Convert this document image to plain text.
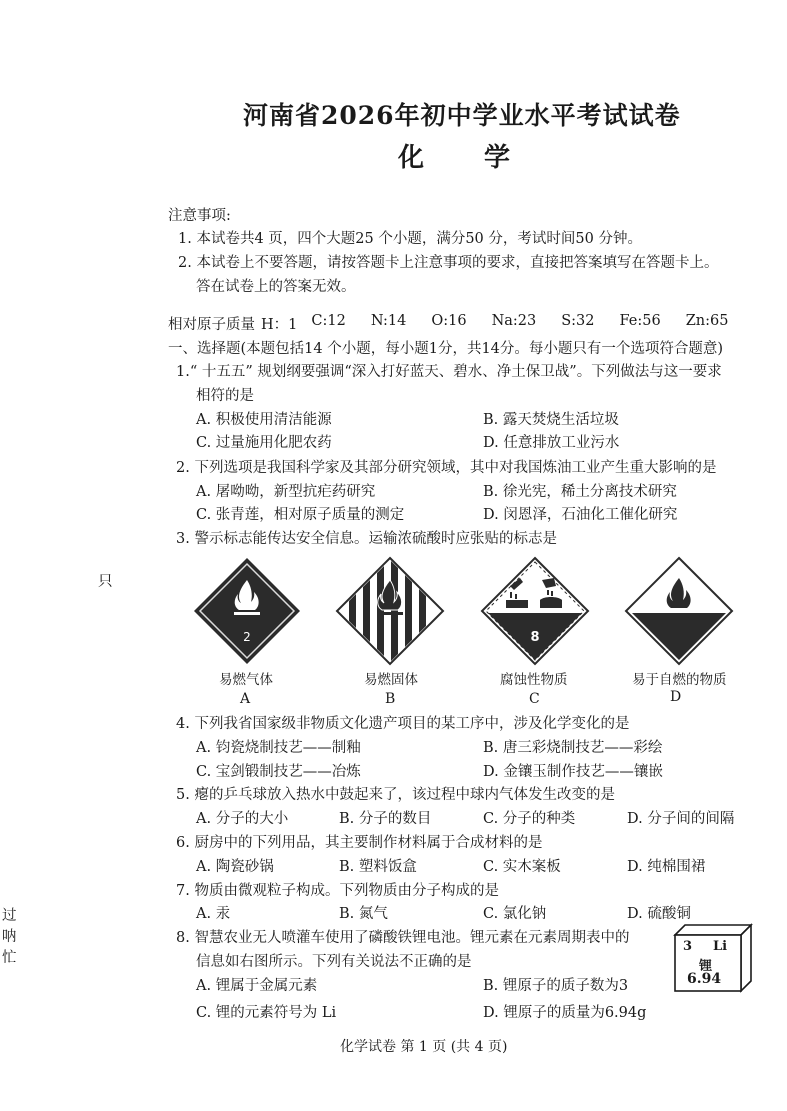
河南省2026年初中学业水平考试试卷
化学
注意事项:
1. 本试卷共4 页，四个大题25 个小题，满分50 分，考试时间50 分钟。
2. 本试卷上不要答题，请按答题卡上注意事项的要求，直接把答案填写在答题卡上。
答在试卷上的答案无效。
相对原子质量 H：1 C:12 N:14 O:16 Na:23 S:32 Fe:56 Zn:65
一、选择题(本题包括14 个小题，每小题1分，共14分。每小题只有一个选项符合题意)
1.“ 十五五” 规划纲要强调“深入打好蓝天、碧水、净土保卫战”。下列做法与这一要求
相符的是
A. 积极使用清洁能源	B. 露天焚烧生活垃圾
C. 过量施用化肥农药	D. 任意排放工业污水
2. 下列选项是我国科学家及其部分研究领域，其中对我国炼油工业产生重大影响的是
A. 屠呦呦，新型抗疟药研究	B. 徐光宪，稀土分离技术研究
C. 张青莲，相对原子质量的测定	D. 闵恩泽，石油化工催化研究
3. 警示标志能传达安全信息。运输浓硫酸时应张贴的标志是
2
易燃气体
A
易燃固体
B
8
腐蚀性物质
C
易于自燃的物质
D
4. 下列我省国家级非物质文化遗产项目的某工序中，涉及化学变化的是
A. 钧瓷烧制技艺——制釉	B. 唐三彩烧制技艺——彩绘
C. 宝剑锻制技艺——冶炼	D. 金镶玉制作技艺——镶嵌
5. 瘪的乒乓球放入热水中鼓起来了，该过程中球内气体发生改变的是
A. 分子的大小	B. 分子的数目	C. 分子的种类	D. 分子间的间隔
6. 厨房中的下列用品，其主要制作材料属于合成材料的是
A. 陶瓷砂锅	B. 塑料饭盒	C. 实木案板	D. 纯棉围裙
7. 物质由微观粒子构成。下列物质由分子构成的是
A. 汞	B. 氮气	C. 氯化钠	D. 硫酸铜
8. 智慧农业无人喷灌车使用了磷酸铁锂电池。锂元素在元素周期表中的
信息如右图所示。下列有关说法不正确的是
A. 锂属于金属元素	B. 锂原子的质子数为3
C. 锂的元素符号为 Li	D. 锂原子的质量为6.94g
3 Li
锂
6.94
只
过
呐
忙
化学试卷 第 1 页 (共 4 页)
